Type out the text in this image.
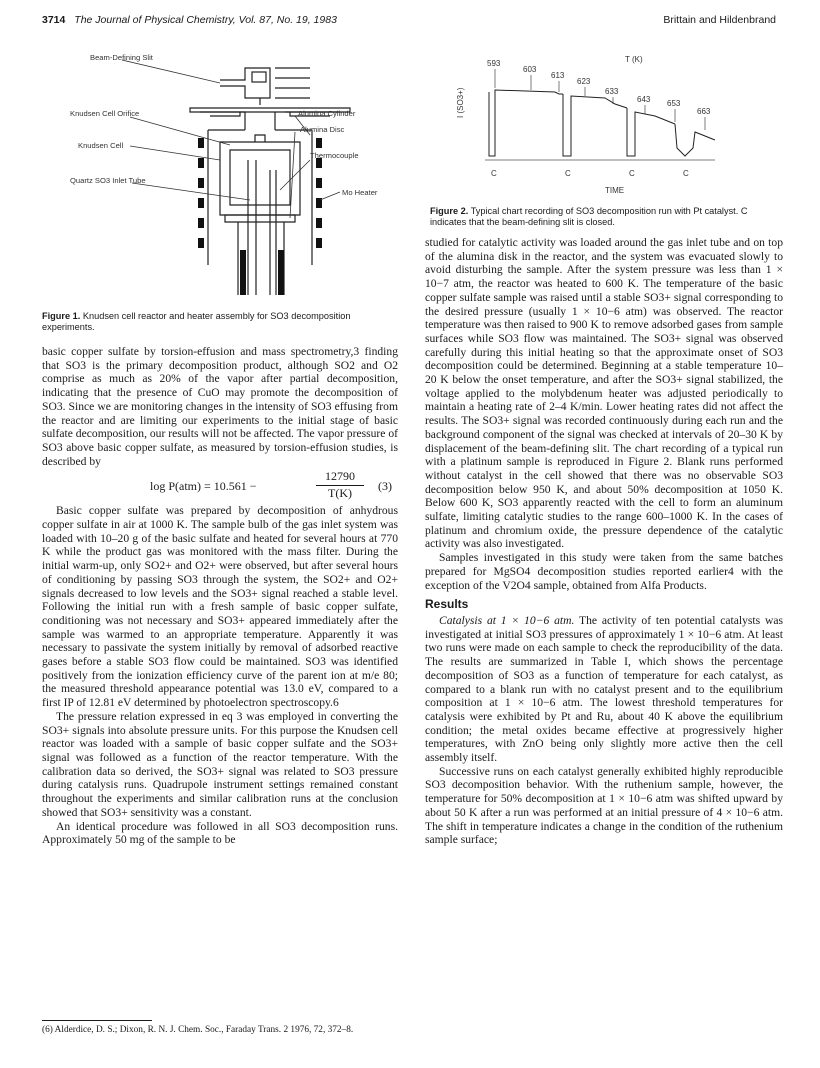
3714 The Journal of Physical Chemistry, Vol. 87, No. 19, 1983	Brittain and Hildenbrand
Beam-Defining Slit
Knudsen Cell Orifice	Alumina Cylinder
Alumina Disc
Knudsen Cell
Thermocouple
Quartz SO3 Inlet Tube
Mo Heater
Figure 1. Knudsen cell reactor and heater assembly for SO3 decomposition experiments.
T (K)
I (SO3+)
593
603
613
623
633
643 653
663
C	C	C	C
TIME
Figure 2. Typical chart recording of SO3 decomposition run with Pt catalyst. C indicates that the beam-defining slit is closed.

basic copper sulfate by torsion-effusion and mass spectrometry,3 finding that SO3 is the primary decomposition product, although SO2 and O2 comprise as much as 20% of the vapor after partial decomposition, indicating that the presence of CuO may promote the decomposition of SO3. Since we are monitoring changes in the intensity of SO3 effusing from the reactor and are limiting our experiments to the initial stage of basic sulfate decomposition, our results will not be affected. The vapor pressure of SO3 above basic copper sulfate, as measured by torsion-effusion studies, is described by

log P(atm) = 10.561 −	$\frac{12790}{T(K)} (3)$

Basic copper sulfate was prepared by decomposition of anhydrous copper sulfate in air at 1000 K. The sample bulb of the gas inlet system was loaded with 10–20 g of the basic sulfate and heated for several hours at 770 K while the product gas was monitored with the mass filter. During the initial warm-up, only SO2+ and O2+ were observed, but after several hours of conditioning by passing SO3 through the system, the SO2+ and O2+ signals decreased to low levels and the SO3+ signal reached a stable level. Following the initial run with a fresh sample of basic copper sulfate, conditioning was not necessary and SO3+ appeared immediately after the sample was warmed to an appropriate temperature. Apparently it was necessary to passivate the system initially by removal of adsorbed reactive gases before a stable SO3 flow could be maintained. SO3 was identified positively from the ionization efficiency curve of the parent ion at m/e 80; the measured threshold appearance potential was 13.0 eV, compared to a first IP of 12.81 eV determined by photoelectron spectroscopy.6

The pressure relation expressed in eq 3 was employed in converting the SO3+ signals into absolute pressure units. For this purpose the Knudsen cell reactor was loaded with a sample of basic copper sulfate and the SO3+ signal was followed as a function of the reactor temperature. With the calibration data so derived, the SO3+ signal was related to SO3 pressure during catalysis runs. Quadrupole instrument settings remained constant throughout the experiments and similar calibration runs at the conclusion showed that SO3+ sensitivity was a constant.

An identical procedure was followed in all SO3 decomposition runs. Approximately 50 mg of the sample to be

(6) Alderdice, D. S.; Dixon, R. N. J. Chem. Soc., Faraday Trans. 2 1976, 72, 372–8.

studied for catalytic activity was loaded around the gas inlet tube and on top of the alumina disk in the reactor, and the system was evacuated slowly to avoid disturbing the sample. After the system pressure was less than 1 × 10−7 atm, the reactor was heated to 600 K. The temperature of the basic copper sulfate sample was raised until a stable SO3+ signal corresponding to the desired pressure (usually 1 × 10−6 atm) was observed. The reactor temperature was then raised to 900 K to remove adsorbed gases from sample surfaces while SO3 flow was maintained. The SO3+ signal was observed carefully during this initial heating so that the approximate onset of SO3 decomposition could be determined. Beginning at a stable temperature 10–20 K below the onset temperature, and after the SO3+ signal stabilized, the voltage applied to the molybdenum heater was adjusted periodically to maintain a heating rate of 2–4 K/min. Lower heating rates did not affect the results. The SO3+ signal was recorded continuously during each run and the background component of the signal was checked at intervals of 20–30 K by displacement of the beam-defining slit. The chart recording of a typical run with a platinum sample is reproduced in Figure 2. Blank runs performed without catalyst in the cell showed that there was no observable SO3 decomposition below 950 K, and about 50% decomposition at 1050 K. Below 600 K, SO3 apparently reacted with the cell to form an aluminum sulfate, limiting catalytic studies to the range 600–1000 K. In the cases of platinum and chromium oxide, the pressure dependence of the catalytic activity was also investigated.

Samples investigated in this study were taken from the same batches prepared for MgSO4 decomposition studies reported earlier4 with the exception of the V2O4 sample, obtained from Alfa Products.

Results

Catalysis at 1 × 10−6 atm. The activity of ten potential catalysts was investigated at initial SO3 pressures of approximately 1 × 10−6 atm. At least two runs were made on each sample to check the reproducibility of the data. The results are summarized in Table I, which shows the percentage decomposition of SO3 as a function of temperature for each catalyst, as compared to a blank run with no catalyst present and to the equilibrium composition at 1 × 10−6 atm. The lowest threshold temperatures for catalysis were exhibited by Pt and Ru, about 40 K above the equilibrium condition; the metal oxides became effective at progressively higher temperatures, with ZnO being only slightly more active then the cell assembly itself.

Successive runs on each catalyst generally exhibited highly reproducible SO3 decomposition behavior. With the ruthenium sample, however, the temperature for 50% decomposition at 1 × 10−6 atm was shifted upward by about 50 K after a run was performed at an initial pressure of 4 × 10−6 atm. The shift in temperature indicates a change in the condition of the ruthenium sample surface;
